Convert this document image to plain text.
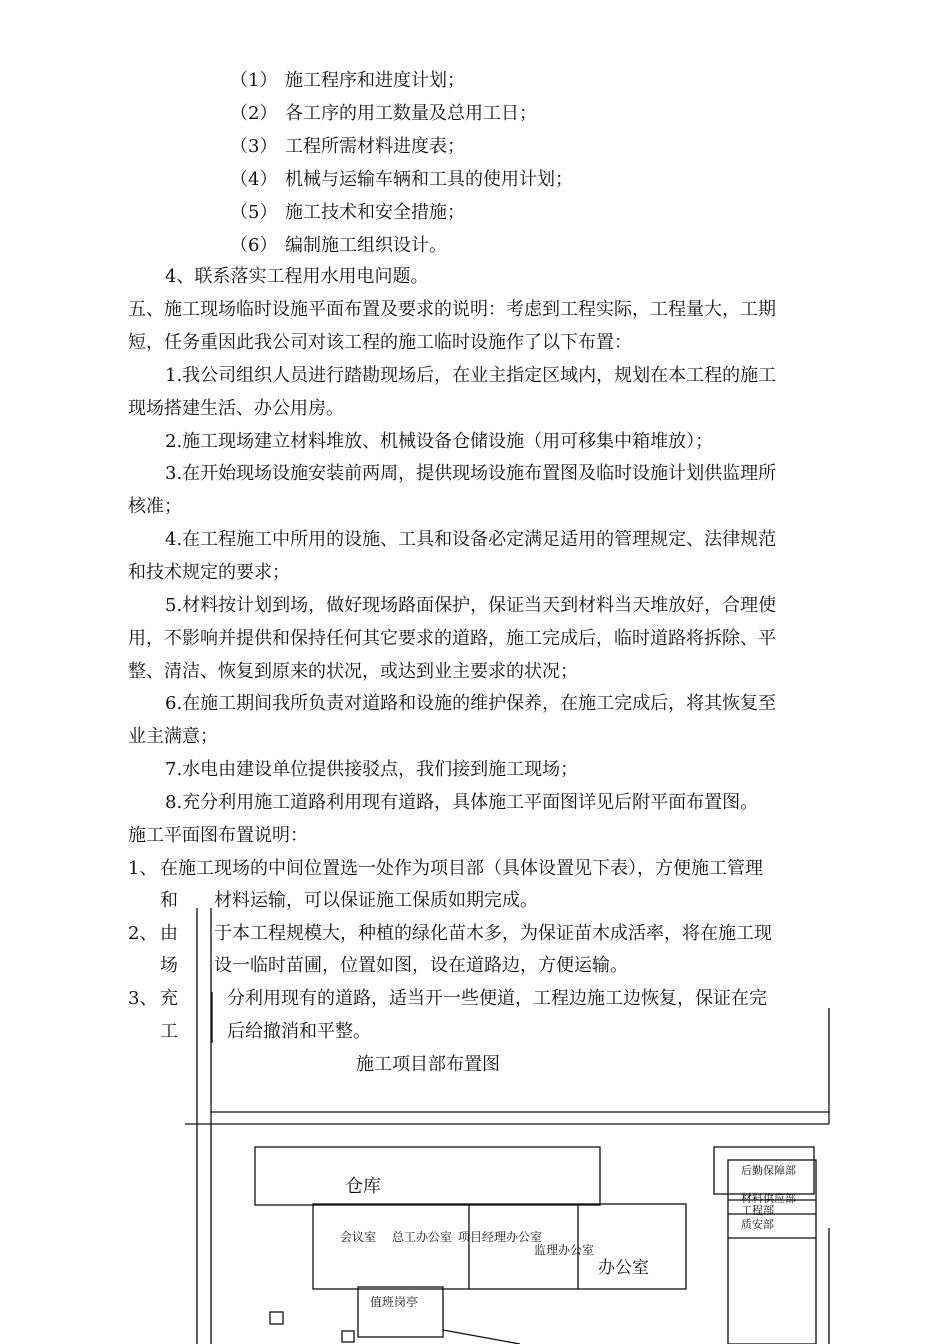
（1） 施工程序和进度计划；
（2） 各工序的用工数量及总用工日；
（3） 工程所需材料进度表；
（4） 机械与运输车辆和工具的使用计划；
（5） 施工技术和安全措施；
（6） 编制施工组织设计。
4、联系落实工程用水用电问题。
五、施工现场临时设施平面布置及要求的说明：考虑到工程实际，工程量大，工期
短，任务重因此我公司对该工程的施工临时设施作了以下布置：
1.我公司组织人员进行踏勘现场后，在业主指定区域内，规划在本工程的施工
现场搭建生活、办公用房。
2.施工现场建立材料堆放、机械设备仓储设施（用可移集中箱堆放）；
3.在开始现场设施安装前两周，提供现场设施布置图及临时设施计划供监理所
核准；
4.在工程施工中所用的设施、工具和设备必定满足适用的管理规定、法律规范
和技术规定的要求；
5.材料按计划到场，做好现场路面保护，保证当天到材料当天堆放好，合理使
用，不影响并提供和保持任何其它要求的道路，施工完成后，临时道路将拆除、平
整、清洁、恢复到原来的状况，或达到业主要求的状况；
6.在施工期间我所负责对道路和设施的维护保养，在施工完成后，将其恢复至
业主满意；
7.水电由建设单位提供接驳点，我们接到施工现场；
8.充分利用施工道路利用现有道路，具体施工平面图详见后附平面布置图。
施工平面图布置说明：
1、 在施工现场的中间位置选一处作为项目部（具体设置见下表），方便施工管理
和 材料运输，可以保证施工保质如期完成。
2、 由 于本工程规模大，种植的绿化苗木多，为保证苗木成活率，将在施工现
场 设一临时苗圃，位置如图，设在道路边，方便运输。
3、 充	分利用现有的道路，适当开一些便道，工程边施工边恢复，保证在完
工	后给撤消和平整。
施工项目部布置图
仓库
会议室 总工办公室 项目经理办公室
监理办公室
办公室
值班岗亭
后勤保障部
材料供应部
工程部
质安部
